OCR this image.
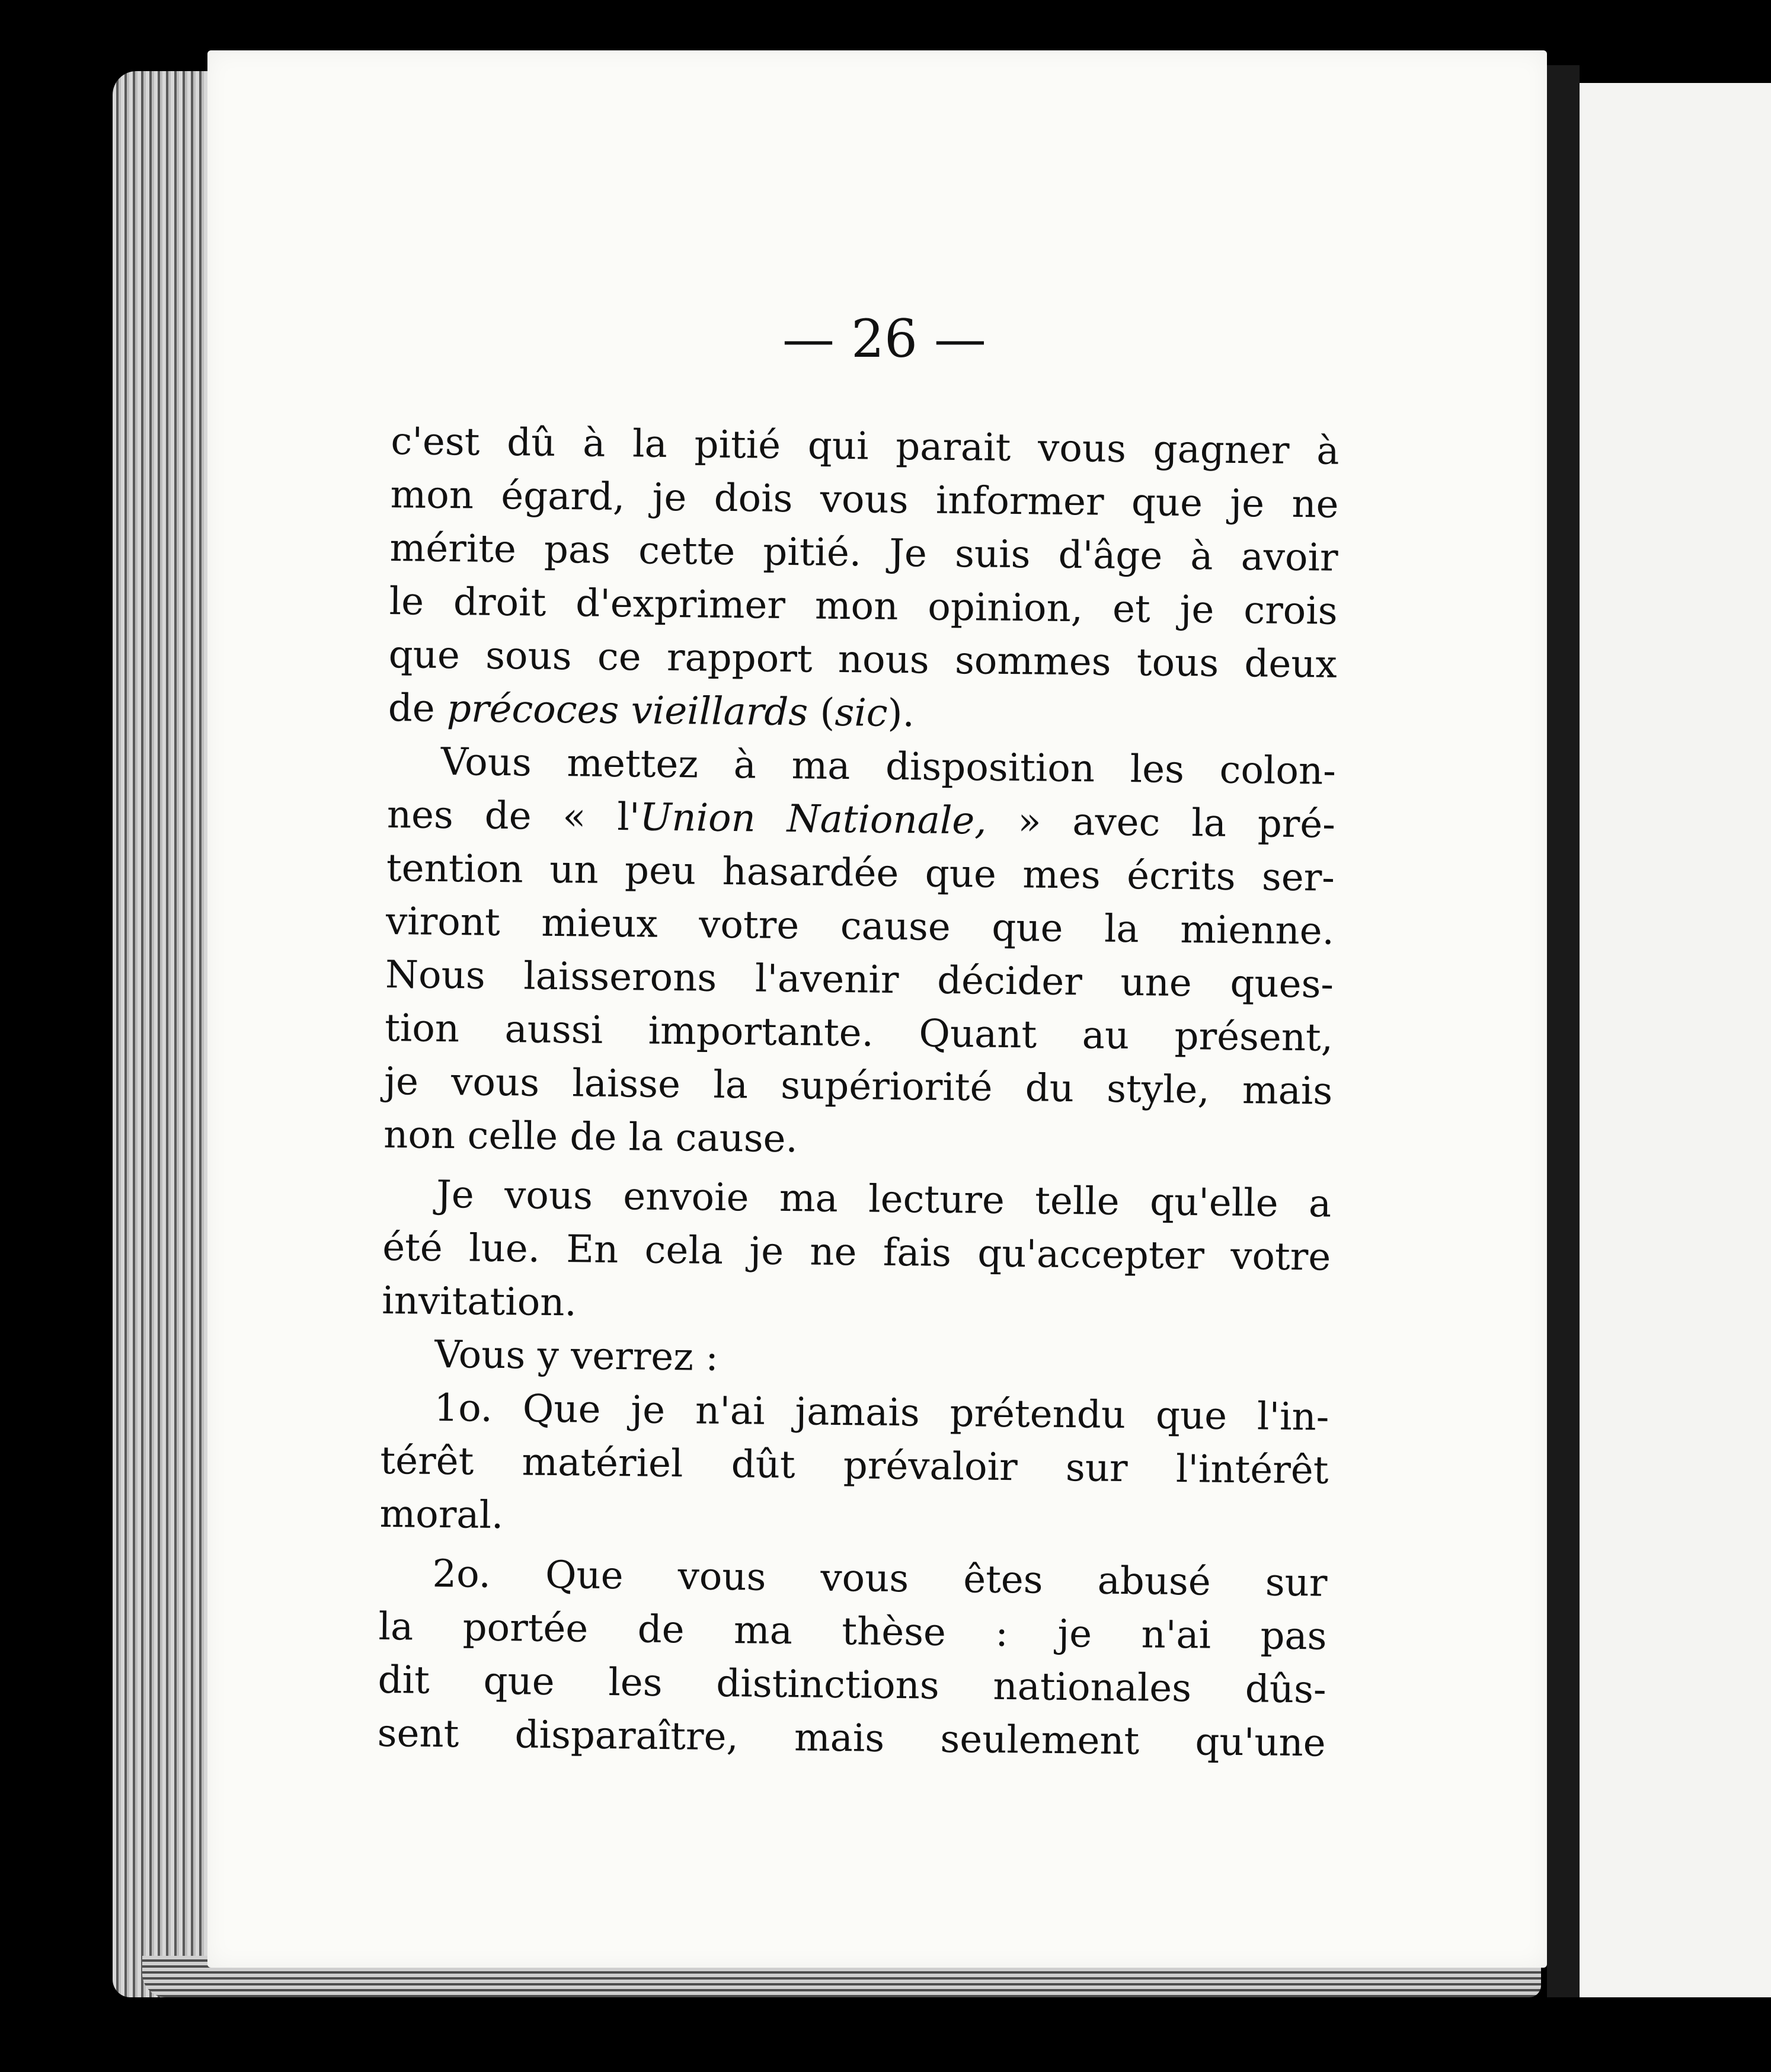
— 26 —
c'est dû à la pitié qui parait vous gagner à
mon égard, je dois vous informer que je ne
mérite pas cette pitié. Je suis d'âge à avoir
le droit d'exprimer mon opinion, et je crois
que sous ce rapport nous sommes tous deux
de précoces vieillards (sic).
Vous mettez à ma disposition les colon-
nes de « l'Union Nationale, » avec la pré-
tention un peu hasardée que mes écrits ser-
viront mieux votre cause que la mienne.
Nous laisserons l'avenir décider une ques-
tion aussi importante. Quant au présent,
je vous laisse la supériorité du style, mais
non celle de la cause.
Je vous envoie ma lecture telle qu'elle a
été lue. En cela je ne fais qu'accepter votre
invitation.
Vous y verrez :
1o. Que je n'ai jamais prétendu que l'in-
térêt matériel dût prévaloir sur l'intérêt
moral.
2o. Que vous vous êtes abusé sur
la portée de ma thèse : je n'ai pas
dit que les distinctions nationales dûs-
sent disparaître, mais seulement qu'une
